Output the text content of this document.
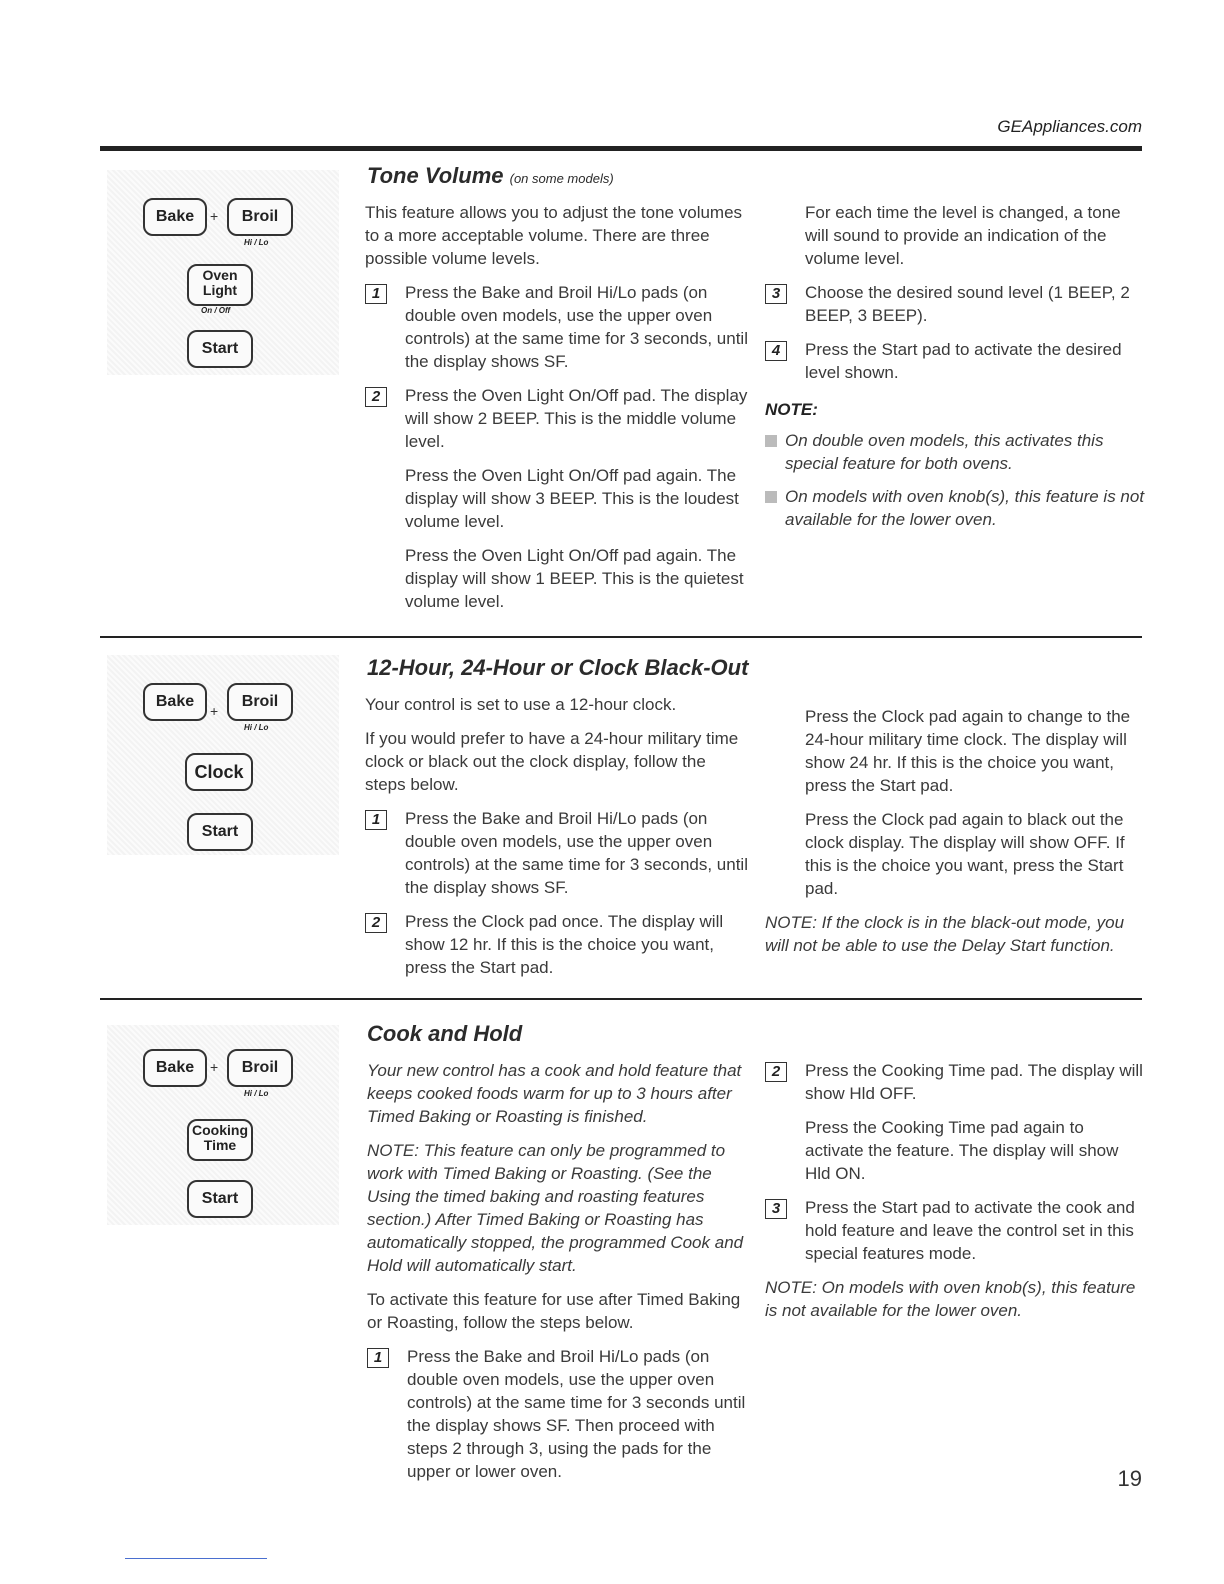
GEAppliances.com
Bake	+	Broil
Hi / Lo
Oven
Light
On / Off
Start
Tone Volume (on some models)

This feature allows you to adjust the tone volumes to a more acceptable volume. There are three possible volume levels.

1	Press the Bake and Broil Hi/Lo pads (on double oven models, use the upper oven controls) at the same time for 3 seconds, until the display shows SF.
2	Press the Oven Light On/Off pad. The display will show 2 BEEP. This is the middle volume level.

Press the Oven Light On/Off pad again. The display will show 3 BEEP. This is the loudest volume level.

Press the Oven Light On/Off pad again. The display will show 1 BEEP. This is the quietest volume level.

For each time the level is changed, a tone will sound to provide an indication of the volume level.

3	Choose the desired sound level (1 BEEP, 2 BEEP, 3 BEEP).
4	Press the Start pad to activate the desired level shown.
NOTE:
On double oven models, this activates this special feature for both ovens.
On models with oven knob(s), this feature is not available for the lower oven.
Bake
+
Broil
Hi / Lo
Clock
Start
12-Hour, 24-Hour or Clock Black-Out

Your control is set to use a 12-hour clock.

If you would prefer to have a 24-hour military time clock or black out the clock display, follow the steps below.

1	Press the Bake and Broil Hi/Lo pads (on double oven models, use the upper oven controls) at the same time for 3 seconds, until the display shows SF.
2	Press the Clock pad once. The display will show 12 hr. If this is the choice you want, press the Start pad.

Press the Clock pad again to change to the 24-hour military time clock. The display will show 24 hr. If this is the choice you want, press the Start pad.

Press the Clock pad again to black out the clock display. The display will show OFF. If this is the choice you want, press the Start pad.

NOTE: If the clock is in the black-out mode, you will not be able to use the Delay Start function.

Bake	+	Broil
Hi / Lo
Cooking
Time
Start
Cook and Hold

Your new control has a cook and hold feature that keeps cooked foods warm for up to 3 hours after Timed Baking or Roasting is finished.

NOTE: This feature can only be programmed to work with Timed Baking or Roasting. (See the Using the timed baking and roasting features section.) After Timed Baking or Roasting has automatically stopped, the programmed Cook and Hold will automatically start.

To activate this feature for use after Timed Baking or Roasting, follow the steps below.

1	Press the Bake and Broil Hi/Lo pads (on double oven models, use the upper oven controls) at the same time for 3 seconds until the display shows SF. Then proceed with steps 2 through 3, using the pads for the upper or lower oven.
2	Press the Cooking Time pad. The display will show Hld OFF.

Press the Cooking Time pad again to activate the feature. The display will show Hld ON.

3	Press the Start pad to activate the cook and hold feature and leave the control set in this special features mode.

NOTE: On models with oven knob(s), this feature is not available for the lower oven.

19
